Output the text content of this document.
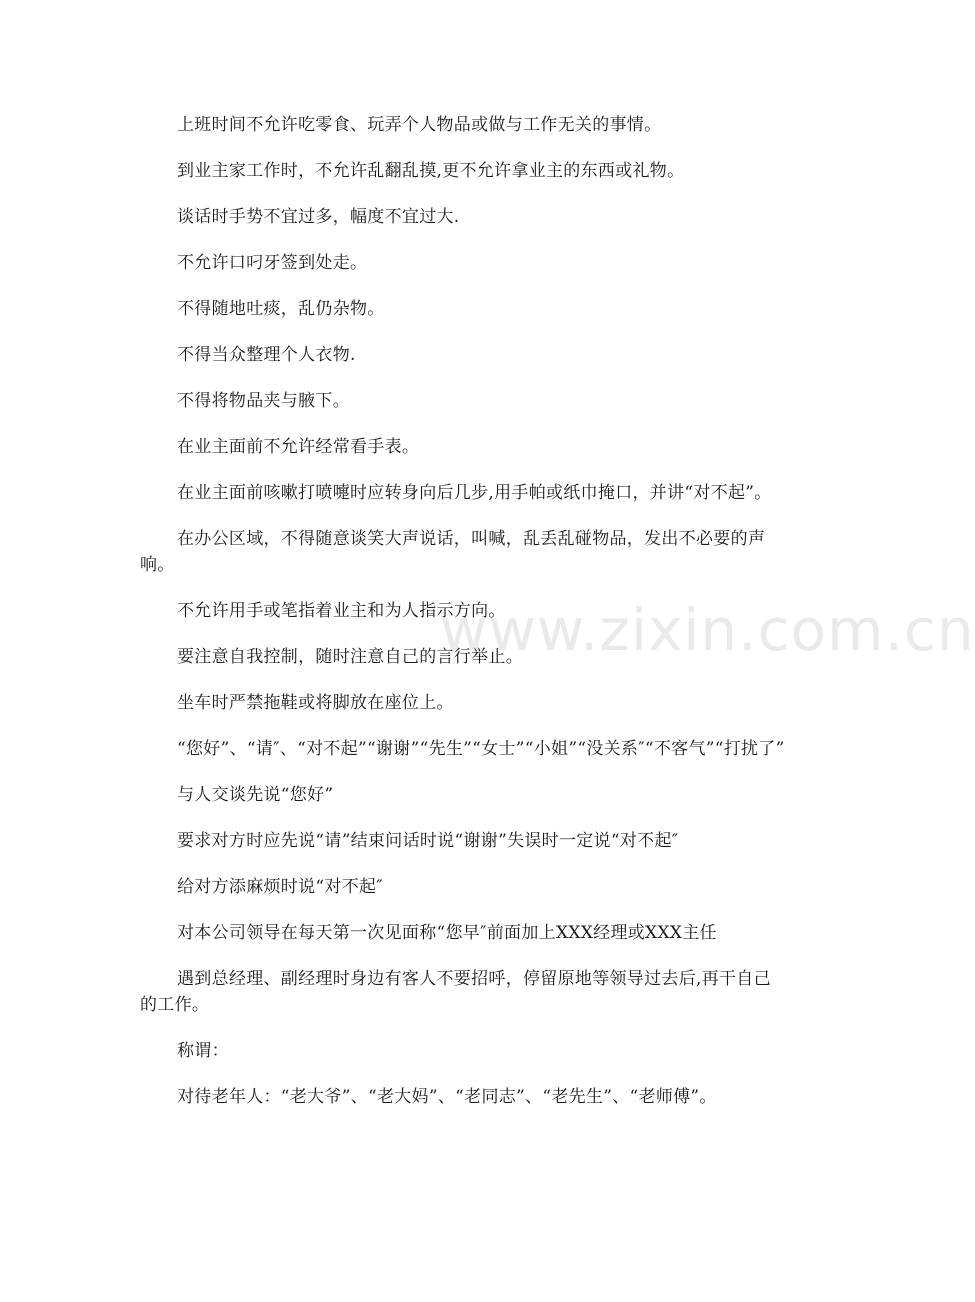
上班时间不允许吃零食、玩弄个人物品或做与工作无关的事情。

到业主家工作时，不允许乱翻乱摸,更不允许拿业主的东西或礼物。

谈话时手势不宜过多，幅度不宜过大.

不允许口叼牙签到处走。

不得随地吐痰，乱仍杂物。

不得当众整理个人衣物.

不得将物品夹与腋下。

在业主面前不允许经常看手表。

在业主面前咳嗽打喷嚏时应转身向后几步,用手帕或纸巾掩口，并讲“对不起”。

在办公区域，不得随意谈笑大声说话，叫喊，乱丢乱碰物品，发出不必要的声响。

不允许用手或笔指着业主和为人指示方向。

要注意自我控制，随时注意自己的言行举止。

坐车时严禁拖鞋或将脚放在座位上。

“您好”、“请″、“对不起”“谢谢”“先生”“女士”“小姐”“没关系″“不客气”“打扰了”

与人交谈先说“您好”

要求对方时应先说“请”结束问话时说“谢谢”失误时一定说“对不起″

给对方添麻烦时说“对不起″

对本公司领导在每天第一次见面称“您早″前面加上XXX经理或XXX主任

遇到总经理、副经理时身边有客人不要招呼，停留原地等领导过去后,再干自己的工作。

称谓：

对待老年人：“老大爷”、“老大妈”、“老同志”、“老先生”、“老师傅”。

www.zixin.com.cn
